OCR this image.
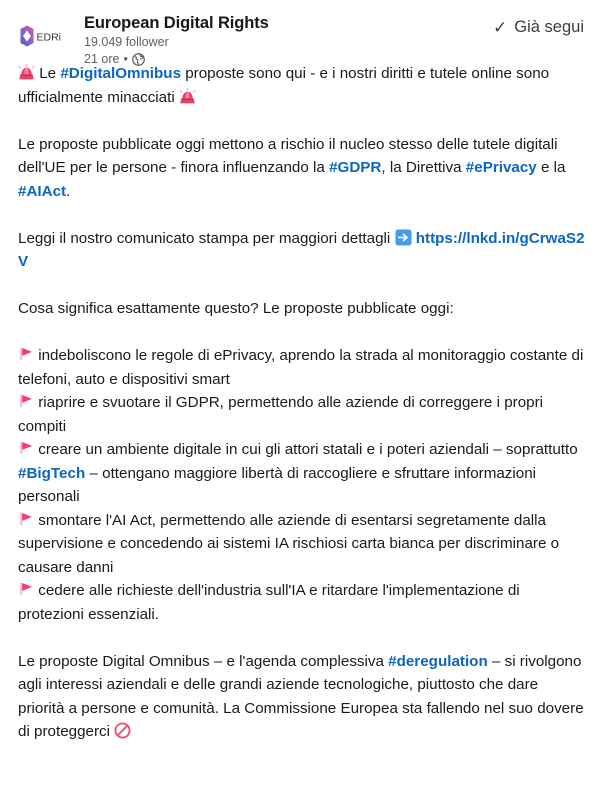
EDRi
European Digital Rights
19.049 follower
21 ore •
✓ Già segui

Le #DigitalOmnibus proposte sono qui - e i nostri diritti e tutele online sono ufficialmente minacciati

Le proposte pubblicate oggi mettono a rischio il nucleo stesso delle tutele digitali dell'UE per le persone - finora influenzando la #GDPR, la Direttiva #ePrivacy e la #AIAct.

Leggi il nostro comunicato stampa per maggiori dettagli
https://lnkd.in/gCrwaS2V

Cosa significa esattamente questo? Le proposte pubblicate oggi:

indeboliscono le regole di ePrivacy, aprendo la strada al monitoraggio costante di telefoni, auto e dispositivi smart

riaprire e svuotare il GDPR, permettendo alle aziende di correggere i propri compiti

creare un ambiente digitale in cui gli attori statali e i poteri aziendali – soprattutto #BigTech – ottengano maggiore libertà di raccogliere e sfruttare informazioni personali

smontare l'AI Act, permettendo alle aziende di esentarsi segretamente dalla supervisione e concedendo ai sistemi IA rischiosi carta bianca per discriminare o causare danni

cedere alle richieste dell'industria sull'IA e ritardare l'implementazione di protezioni essenziali.

Le proposte Digital Omnibus – e l'agenda complessiva #deregulation – si rivolgono agli interessi aziendali e delle grandi aziende tecnologiche, piuttosto che dare priorità a persone e comunità. La Commissione Europea sta fallendo nel suo dovere di proteggerci
